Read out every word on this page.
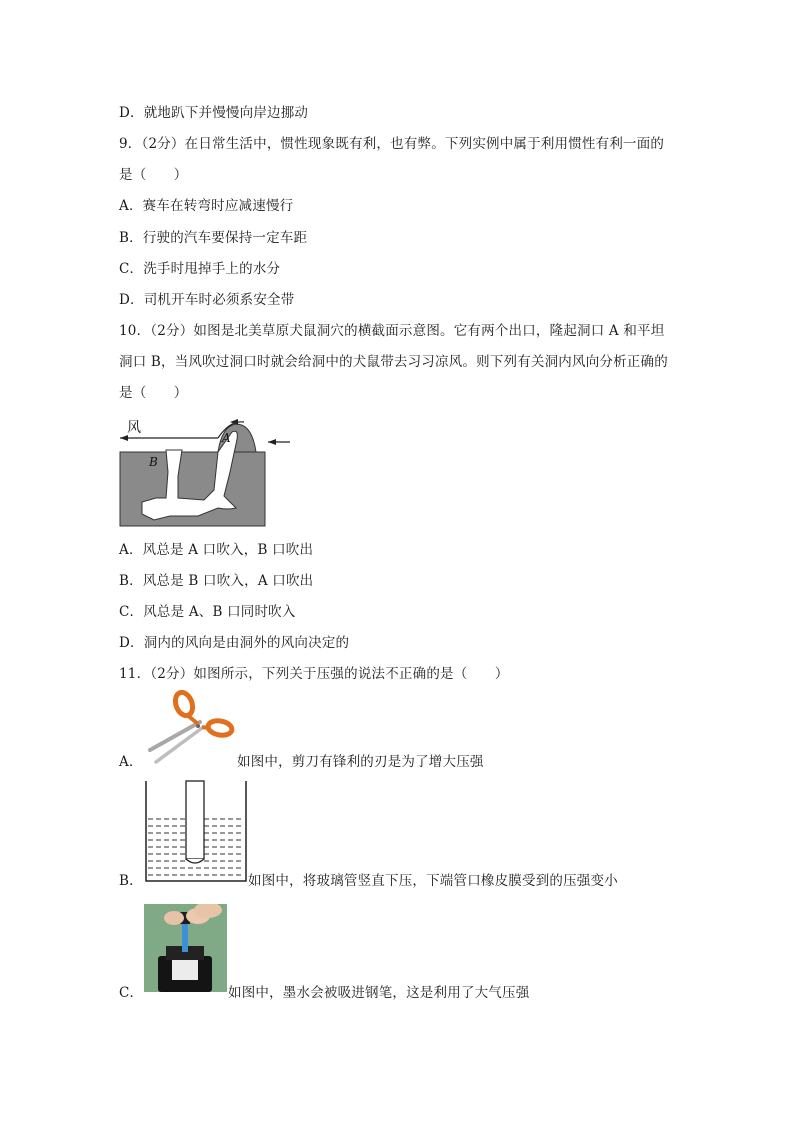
D．就地趴下并慢慢向岸边挪动
9．（2分）在日常生活中，惯性现象既有利，也有弊。下列实例中属于利用惯性有利一面的
是（　　）
A．赛车在转弯时应减速慢行
B．行驶的汽车要保持一定车距
C．洗手时甩掉手上的水分
D．司机开车时必须系安全带
10．（2分）如图是北美草原犬鼠洞穴的横截面示意图。它有两个出口，隆起洞口 A 和平坦
洞口 B，当风吹过洞口时就会给洞中的犬鼠带去习习凉风。则下列有关洞内风向分析正确的
是（　　）
风
A
B
A．风总是 A 口吹入，B 口吹出
B．风总是 B 口吹入，A 口吹出
C．风总是 A、B 口同时吹入
D．洞内的风向是由洞外的风向决定的
11．（2分）如图所示，下列关于压强的说法不正确的是（　　）
A．	如图中，剪刀有锋利的刃是为了增大压强
B．	如图中，将玻璃管竖直下压，下端管口橡皮膜受到的压强变小
C．	如图中，墨水会被吸进钢笔，这是利用了大气压强
